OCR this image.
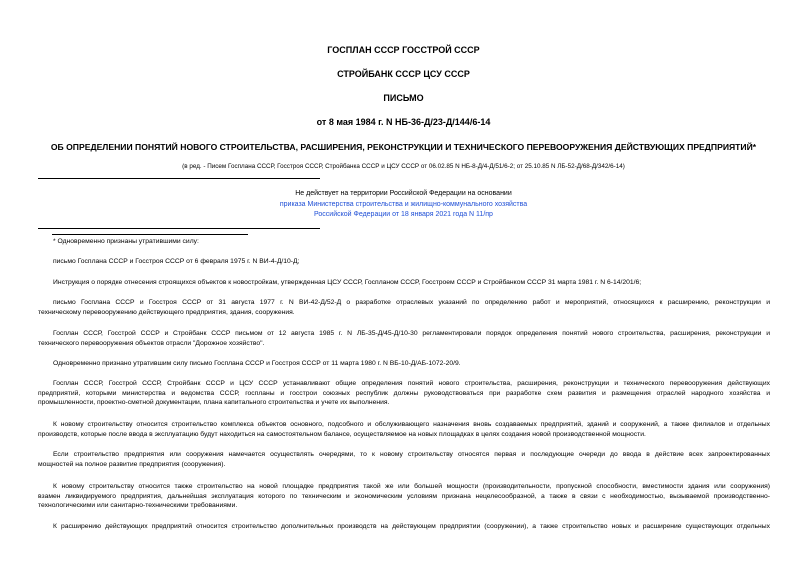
ГОСПЛАН СССР ГОССТРОЙ СССР
СТРОЙБАНК СССР ЦСУ СССР
ПИСЬМО
от 8 мая 1984 г. N НБ-36-Д/23-Д/144/6-14
ОБ ОПРЕДЕЛЕНИИ ПОНЯТИЙ НОВОГО СТРОИТЕЛЬСТВА, РАСШИРЕНИЯ, РЕКОНСТРУКЦИИ И ТЕХНИЧЕСКОГО ПЕРЕВООРУЖЕНИЯ ДЕЙСТВУЮЩИХ ПРЕДПРИЯТИЙ*
(в ред. - Писем Госплана СССР, Госстроя СССР, Стройбанка СССР и ЦСУ СССР от 06.02.85 N НБ-8-Д/4-Д/51/6-2; от 25.10.85 N ЛБ-52-Д/68-Д/342/6-14)
Не действует на территории Российской Федерации на основании
приказа Министерства строительства и жилищно-коммунального хозяйства
Российской Федерации от 18 января 2021 года N 11/пр
* Одновременно признаны утратившими силу:
письмо Госплана СССР и Госстроя СССР от 6 февраля 1975 г. N ВИ-4-Д/10-Д;
Инструкция о порядке отнесения строящихся объектов к новостройкам, утвержденная ЦСУ СССР, Госпланом СССР, Госстроем СССР и Стройбанком СССР 31 марта 1981 г. N 6-14/201/6;
письмо Госплана СССР и Госстроя СССР от 31 августа 1977 г. N ВИ-42-Д/52-Д о разработке отраслевых указаний по определению работ и мероприятий, относящихся к расширению, реконструкции и
техническому перевооружению действующего предприятия, здания, сооружения.
Госплан СССР, Госстрой СССР и Стройбанк СССР письмом от 12 августа 1985 г. N ЛБ-35-Д/45-Д/10-30 регламентировали порядок определения понятий нового строительства, расширения, реконструкции и
технического перевооружения объектов отрасли "Дорожное хозяйство".
Одновременно признано утратившим силу письмо Госплана СССР и Госстроя СССР от 11 марта 1980 г. N ВБ-10-Д/АБ-1072-20/9.
Госплан СССР, Госстрой СССР, Стройбанк СССР и ЦСУ СССР устанавливают общие определения понятий нового строительства, расширения, реконструкции и технического перевооружения действующих
предприятий, которыми министерства и ведомства СССР, госпланы и госстрои союзных республик должны руководствоваться при разработке схем развития и размещения отраслей народного хозяйства и
промышленности, проектно-сметной документации, плана капитального строительства и учете их выполнения.
К новому строительству относится строительство комплекса объектов основного, подсобного и обслуживающего назначения вновь создаваемых предприятий, зданий и сооружений, а также филиалов и отдельных
производств, которые после ввода в эксплуатацию будут находиться на самостоятельном балансе, осуществляемое на новых площадках в целях создания новой производственной мощности.
Если строительство предприятия или сооружения намечается осуществлять очередями, то к новому строительству относятся первая и последующие очереди до ввода в действие всех запроектированных
мощностей на полное развитие предприятия (сооружения).
К новому строительству относится также строительство на новой площадке предприятия такой же или большей мощности (производительности, пропускной способности, вместимости здания или сооружения)
взамен ликвидируемого предприятия, дальнейшая эксплуатация которого по техническим и экономическим условиям признана нецелесообразной, а также в связи с необходимостью, вызываемой производственно-
технологическими или санитарно-техническими требованиями.
К расширению действующих предприятий относится строительство дополнительных производств на действующем предприятии (сооружении), а также строительство новых и расширение существующих отдельных
